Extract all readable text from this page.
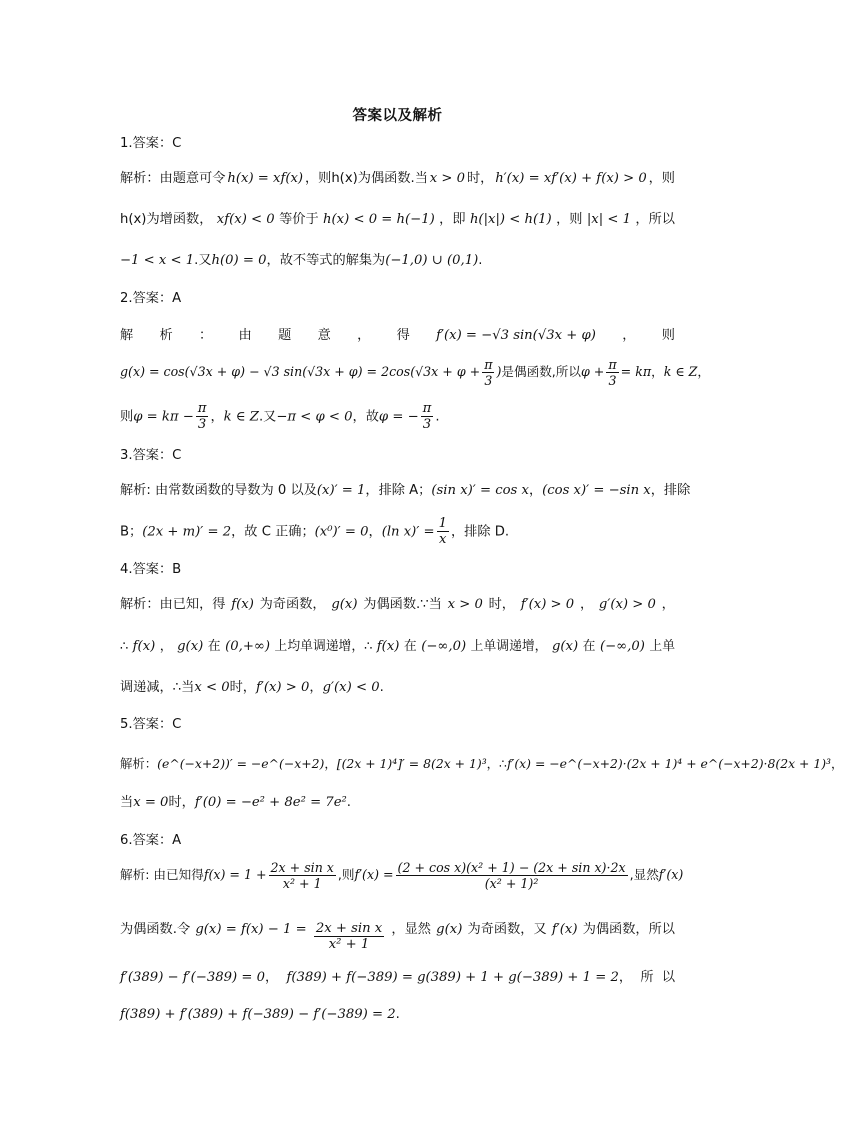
答案以及解析
1.答案：C
解析：由题意可令 h(x) = xf(x) ，则h(x)为偶函数.当 x > 0 时， h′(x) = xf′(x) + f(x) > 0 ，则
h(x)为增函数， xf(x) < 0 等价于 h(x) < 0 = h(−1) ，即 h(|x|) < h(1) ，则 |x| < 1 ，所以
−1 < x < 1.又h(0) = 0，故不等式的解集为(−1,0) ∪ (0,1).
2.答案：A
解 析 ： 由 题 意 ， 得 f′(x) = −√3 sin(√3x + φ) ， 则
g(x) = cos(√3x + φ) − √3 $\sin(√3x + \varphi) = 2\cos(√3x + \varphi + \frac{\pi}{3}$ )是偶函数,所以$\varphi + \frac{\pi}{3} = k\pi$，k ∈ Z，
则$\varphi = k\pi - \frac{\pi}{3}$ ，k ∈ Z.又−π < φ < 0，故φ = − $\frac{\pi}{3}$ .
3.答案：C
解析: 由常数函数的导数为 0 以及(x)′ = 1，排除 A；(sin x)′ = cos x，(cos x)′ = −sin x，排除
B；(2x + m)′ = 2，故 C 正确；(x⁰)′ = 0，(ln $x)' = \frac{1}{x}$ ，排除 D.
4.答案：B
解析：由已知，得 f(x) 为奇函数， g(x) 为偶函数.∵当 x > 0 时， f′(x) > 0 ， g′(x) > 0 ，
∴ f(x) ， g(x) 在 (0,+∞) 上均单调递增，∴ f(x) 在 (−∞,0) 上单调递增， g(x) 在 (−∞,0) 上单
调递减，∴当x < 0时，f′(x) > 0，g′(x) < 0.
5.答案：C
解析：(e^(−x+2))′ = −e^(−x+2)，[(2x + 1)⁴]′ = 8(2x + 1)³，∴f′(x) = −e^(−x+2)·(2x + 1)⁴ + e^(−x+2)·8(2x + 1)³，
当x = 0时，f′(0) = −e² + 8e² = 7e².
6.答案：A
解析: 由已知得$f(x) = 1 + \frac{\text{2x + sin x}}{\text{x² + 1}}$ ,则$f'(x) = \frac{\text{(2 + cos x)(x² + 1) − (2x + sin x)·2x}}{\text{(x² + 1)²}}$ ,显然f′(x)
为偶函数.令 $g(x) = f(x) - 1 = \frac{\text{2x + sin x}}{\text{x² + 1}}$ ，显然 g(x) 为奇函数，又 f′(x) 为偶函数，所以
f′(389) − f′(−389) = 0， f(389) + f(−389) = g(389) + 1 + g(−389) + 1 = 2， 所 以
f(389) + f′(389) + f(−389) − f′(−389) = 2.
